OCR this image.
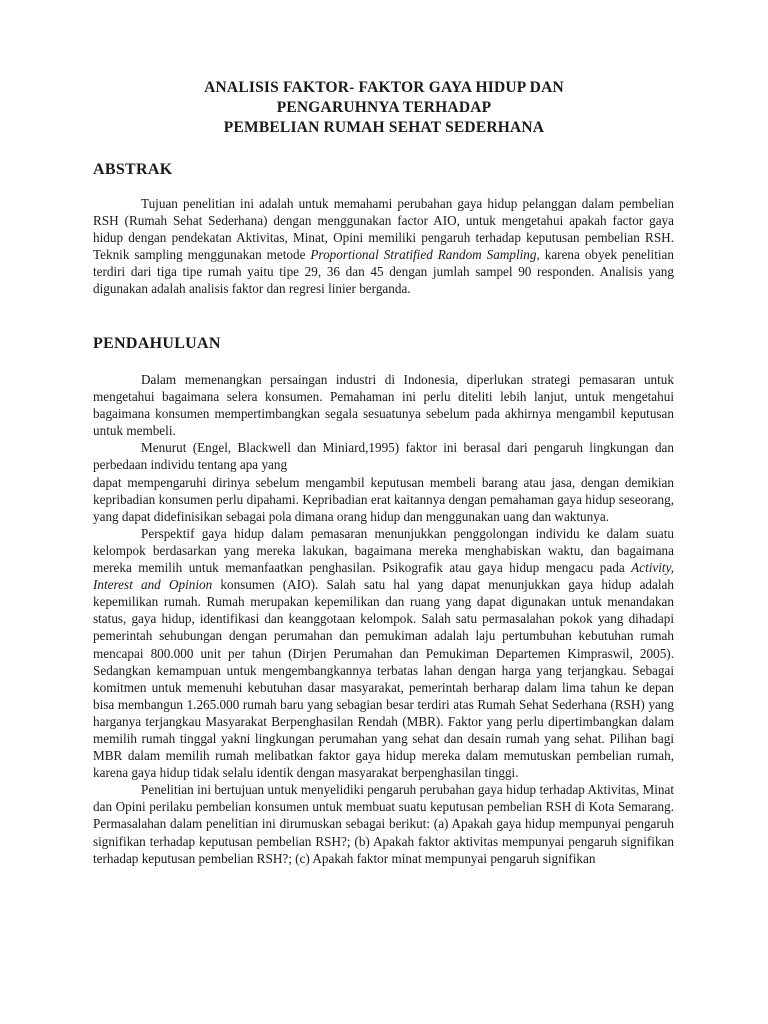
ANALISIS FAKTOR- FAKTOR GAYA HIDUP DAN
PENGARUHNYA TERHADAP
PEMBELIAN RUMAH SEHAT SEDERHANA
ABSTRAK

Tujuan penelitian ini adalah untuk memahami perubahan gaya hidup pelanggan dalam pembelian RSH (Rumah Sehat Sederhana) dengan menggunakan factor AIO, untuk mengetahui apakah factor gaya hidup dengan pendekatan Aktivitas, Minat, Opini memiliki pengaruh terhadap keputusan pembelian RSH. Teknik sampling menggunakan metode Proportional Stratified Random Sampling, karena obyek penelitian terdiri dari tiga tipe rumah yaitu tipe 29, 36 dan 45 dengan jumlah sampel 90 responden. Analisis yang digunakan adalah analisis faktor dan regresi linier berganda.

PENDAHULUAN

Dalam memenangkan persaingan industri di Indonesia, diperlukan strategi pemasaran untuk mengetahui bagaimana selera konsumen. Pemahaman ini perlu diteliti lebih lanjut, untuk mengetahui bagaimana konsumen mempertimbangkan segala sesuatunya sebelum pada akhirnya mengambil keputusan untuk membeli.

Menurut (Engel, Blackwell dan Miniard,1995) faktor ini berasal dari pengaruh lingkungan dan perbedaan individu tentang apa yang

dapat mempengaruhi dirinya sebelum mengambil keputusan membeli barang atau jasa, dengan demikian kepribadian konsumen perlu dipahami. Kepribadian erat kaitannya dengan pemahaman gaya hidup seseorang, yang dapat didefinisikan sebagai pola dimana orang hidup dan menggunakan uang dan waktunya.

Perspektif gaya hidup dalam pemasaran menunjukkan penggolongan individu ke dalam suatu kelompok berdasarkan yang mereka lakukan, bagaimana mereka menghabiskan waktu, dan bagaimana mereka memilih untuk memanfaatkan penghasilan. Psikografik atau gaya hidup mengacu pada Activity, Interest and Opinion konsumen (AIO). Salah satu hal yang dapat menunjukkan gaya hidup adalah kepemilikan rumah. Rumah merupakan kepemilikan dan ruang yang dapat digunakan untuk menandakan status, gaya hidup, identifikasi dan keanggotaan kelompok. Salah satu permasalahan pokok yang dihadapi pemerintah sehubungan dengan perumahan dan pemukiman adalah laju pertumbuhan kebutuhan rumah mencapai 800.000 unit per tahun (Dirjen Perumahan dan Pemukiman Departemen Kimpraswil, 2005). Sedangkan kemampuan untuk mengembangkannya terbatas lahan dengan harga yang terjangkau. Sebagai komitmen untuk memenuhi kebutuhan dasar masyarakat, pemerintah berharap dalam lima tahun ke depan bisa membangun 1.265.000 rumah baru yang sebagian besar terdiri atas Rumah Sehat Sederhana (RSH) yang harganya terjangkau Masyarakat Berpenghasilan Rendah (MBR). Faktor yang perlu dipertimbangkan dalam memilih rumah tinggal yakni lingkungan perumahan yang sehat dan desain rumah yang sehat. Pilihan bagi MBR dalam memilih rumah melibatkan faktor gaya hidup mereka dalam memutuskan pembelian rumah, karena gaya hidup tidak selalu identik dengan masyarakat berpenghasilan tinggi.

Penelitian ini bertujuan untuk menyelidiki pengaruh perubahan gaya hidup terhadap Aktivitas, Minat dan Opini perilaku pembelian konsumen untuk membuat suatu keputusan pembelian RSH di Kota Semarang. Permasalahan dalam penelitian ini dirumuskan sebagai berikut: (a) Apakah gaya hidup mempunyai pengaruh signifikan terhadap keputusan pembelian RSH?; (b) Apakah faktor aktivitas mempunyai pengaruh signifikan terhadap keputusan pembelian RSH?; (c) Apakah faktor minat mempunyai pengaruh signifikan
